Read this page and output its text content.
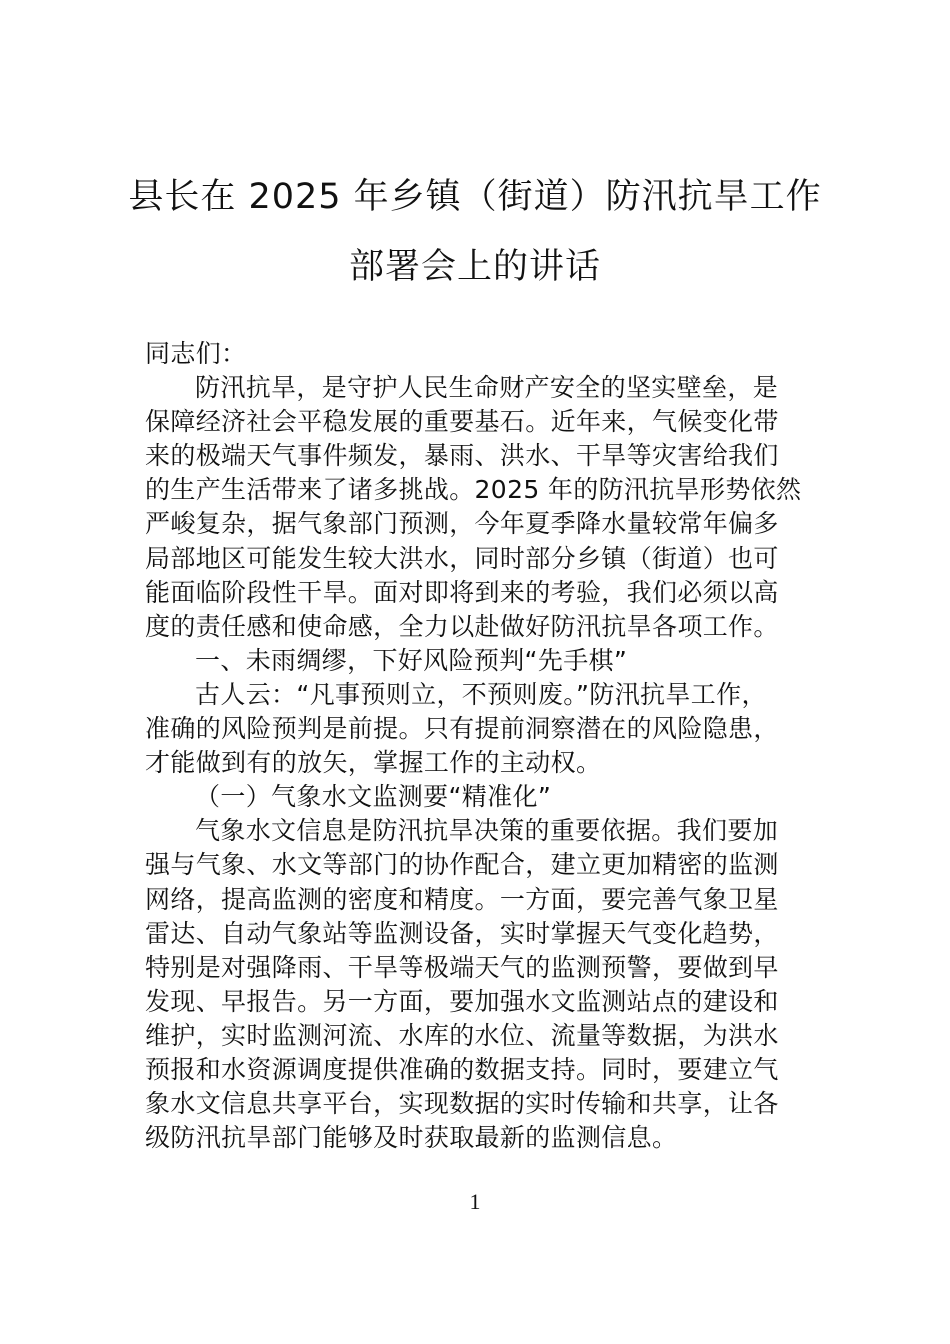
县长在 2025 年乡镇（街道）防汛抗旱工作
部署会上的讲话
同志们：
防汛抗旱，是守护人民生命财产安全的坚实壁垒，是
保障经济社会平稳发展的重要基石。近年来，气候变化带
来的极端天气事件频发，暴雨、洪水、干旱等灾害给我们
的生产生活带来了诸多挑战。2025 年的防汛抗旱形势依然
严峻复杂，据气象部门预测，今年夏季降水量较常年偏多
局部地区可能发生较大洪水，同时部分乡镇（街道）也可
能面临阶段性干旱。面对即将到来的考验，我们必须以高
度的责任感和使命感，全力以赴做好防汛抗旱各项工作。
一、未雨绸缪，下好风险预判“先手棋”
古人云：“凡事预则立，不预则废。”防汛抗旱工作，
准确的风险预判是前提。只有提前洞察潜在的风险隐患，
才能做到有的放矢，掌握工作的主动权。
（一）气象水文监测要“精准化”
气象水文信息是防汛抗旱决策的重要依据。我们要加
强与气象、水文等部门的协作配合，建立更加精密的监测
网络，提高监测的密度和精度。一方面，要完善气象卫星
雷达、自动气象站等监测设备，实时掌握天气变化趋势，
特别是对强降雨、干旱等极端天气的监测预警，要做到早
发现、早报告。另一方面，要加强水文监测站点的建设和
维护，实时监测河流、水库的水位、流量等数据，为洪水
预报和水资源调度提供准确的数据支持。同时，要建立气
象水文信息共享平台，实现数据的实时传输和共享，让各
级防汛抗旱部门能够及时获取最新的监测信息。
1
